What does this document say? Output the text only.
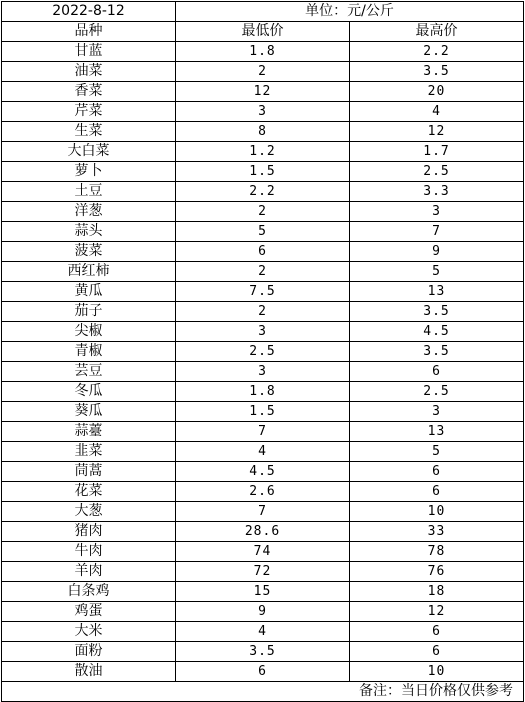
2022-8-12	单位：元/公斤	
品种	最低价	最高价
甘蓝	1.8	2.2
油菜	2	3.5
香菜	12	20
芹菜	3	4
生菜	8	12
大白菜	1.2	1.7
萝卜	1.5	2.5
土豆	2.2	3.3
洋葱	2	3
蒜头	5	7
菠菜	6	9
西红柿	2	5
黄瓜	7.5	13
茄子	2	3.5
尖椒	3	4.5
青椒	2.5	3.5
芸豆	3	6
冬瓜	1.8	2.5
葵瓜	1.5	3
蒜薹	7	13
韭菜	4	5
茼蒿	4.5	6
花菜	2.6	6
大葱	7	10
猪肉	28.6	33
牛肉	74	78
羊肉	72	76
白条鸡	15	18
鸡蛋	9	12
大米	4	6
面粉	3.5	6
散油	6	10
备注：当日价格仅供参考		
